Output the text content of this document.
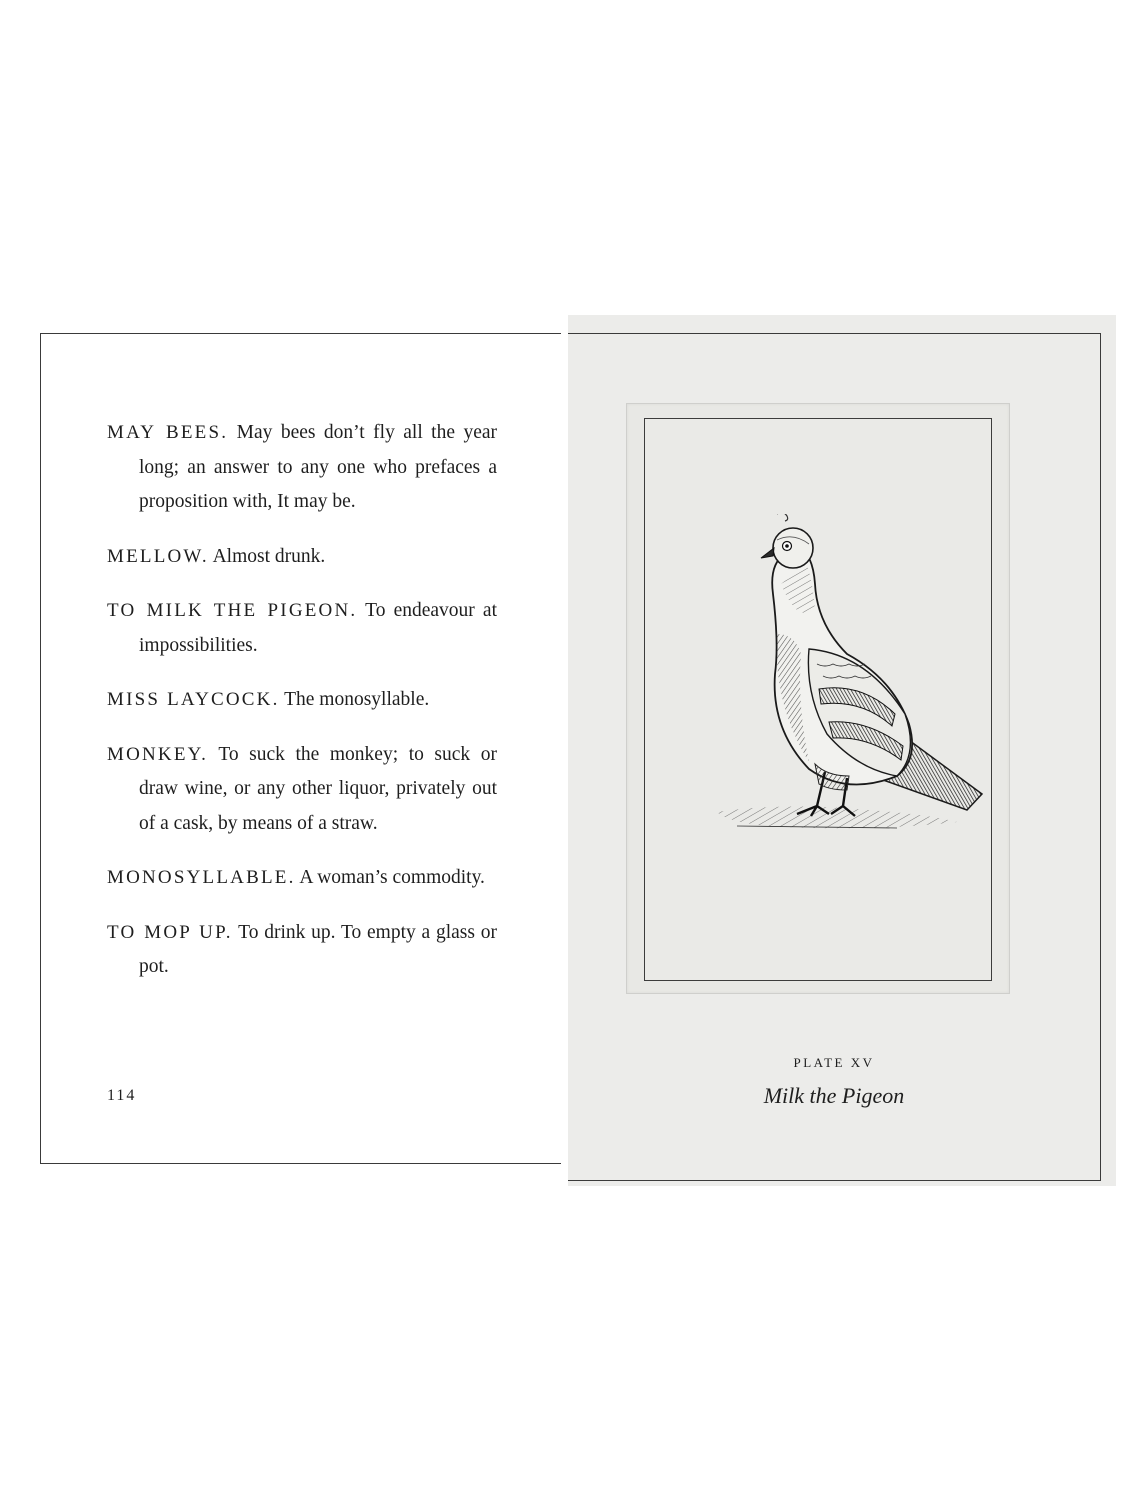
MAY BEES. May bees don’t fly all the year long; an answer to any one who prefaces a proposition with, It may be.

MELLOW. Almost drunk.

TO MILK THE PIGEON. To endeavour at impossibilities.

MISS LAYCOCK. The monosyllable.

MONKEY. To suck the monkey; to suck or draw wine, or any other liquor, privately out of a cask, by means of a straw.

MONOSYLLABLE. A woman’s commodity.

TO MOP UP. To drink up. To empty a glass or pot.

114
PLATE XV
Milk the Pigeon
